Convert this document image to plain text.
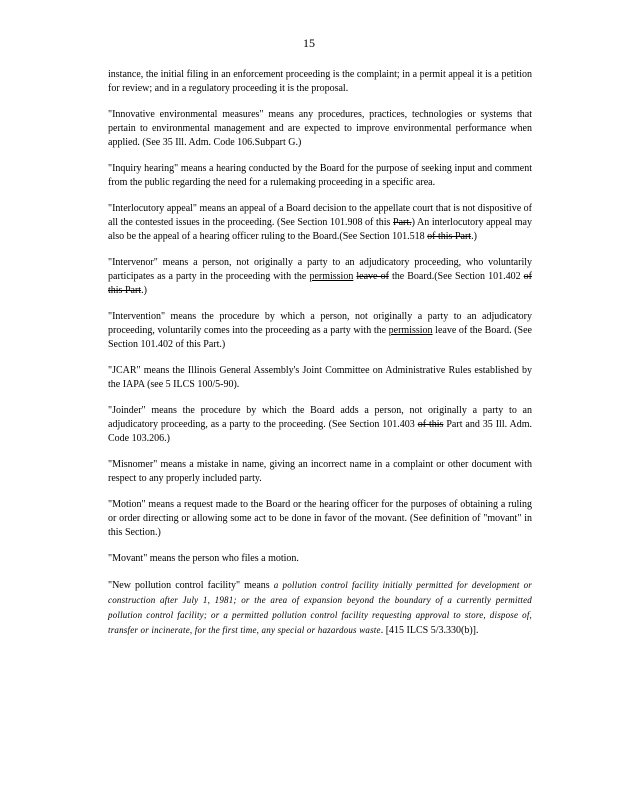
15

instance, the initial filing in an enforcement proceeding is the complaint; in a permit appeal it is a petition for review; and in a regulatory proceeding it is the proposal.

"Innovative environmental measures" means any procedures, practices, technologies or systems that pertain to environmental management and are expected to improve environmental performance when applied. (See 35 Ill. Adm. Code 106.Subpart G.)

"Inquiry hearing" means a hearing conducted by the Board for the purpose of seeking input and comment from the public regarding the need for a rulemaking proceeding in a specific area.

"Interlocutory appeal" means an appeal of a Board decision to the appellate court that is not dispositive of all the contested issues in the proceeding. (See Section 101.908 of this Part.) An interlocutory appeal may also be the appeal of a hearing officer ruling to the Board.(See Section 101.518 of this Part.)

"Intervenor" means a person, not originally a party to an adjudicatory proceeding, who voluntarily participates as a party in the proceeding with the permission leave of the Board.(See Section 101.402 of this Part.)

"Intervention" means the procedure by which a person, not originally a party to an adjudicatory proceeding, voluntarily comes into the proceeding as a party with the permission leave of the Board. (See Section 101.402 of this Part.)

"JCAR" means the Illinois General Assembly's Joint Committee on Administrative Rules established by the IAPA (see 5 ILCS 100/5-90).

"Joinder" means the procedure by which the Board adds a person, not originally a party to an adjudicatory proceeding, as a party to the proceeding. (See Section 101.403 of this Part and 35 Ill. Adm. Code 103.206.)

"Misnomer" means a mistake in name, giving an incorrect name in a complaint or other document with respect to any properly included party.

"Motion" means a request made to the Board or the hearing officer for the purposes of obtaining a ruling or order directing or allowing some act to be done in favor of the movant. (See definition of "movant" in this Section.)

"Movant" means the person who files a motion.

"New pollution control facility" means a pollution control facility initially permitted for development or construction after July 1, 1981; or the area of expansion beyond the boundary of a currently permitted pollution control facility; or a permitted pollution control facility requesting approval to store, dispose of, transfer or incinerate, for the first time, any special or hazardous waste. [415 ILCS 5/3.330(b)].
